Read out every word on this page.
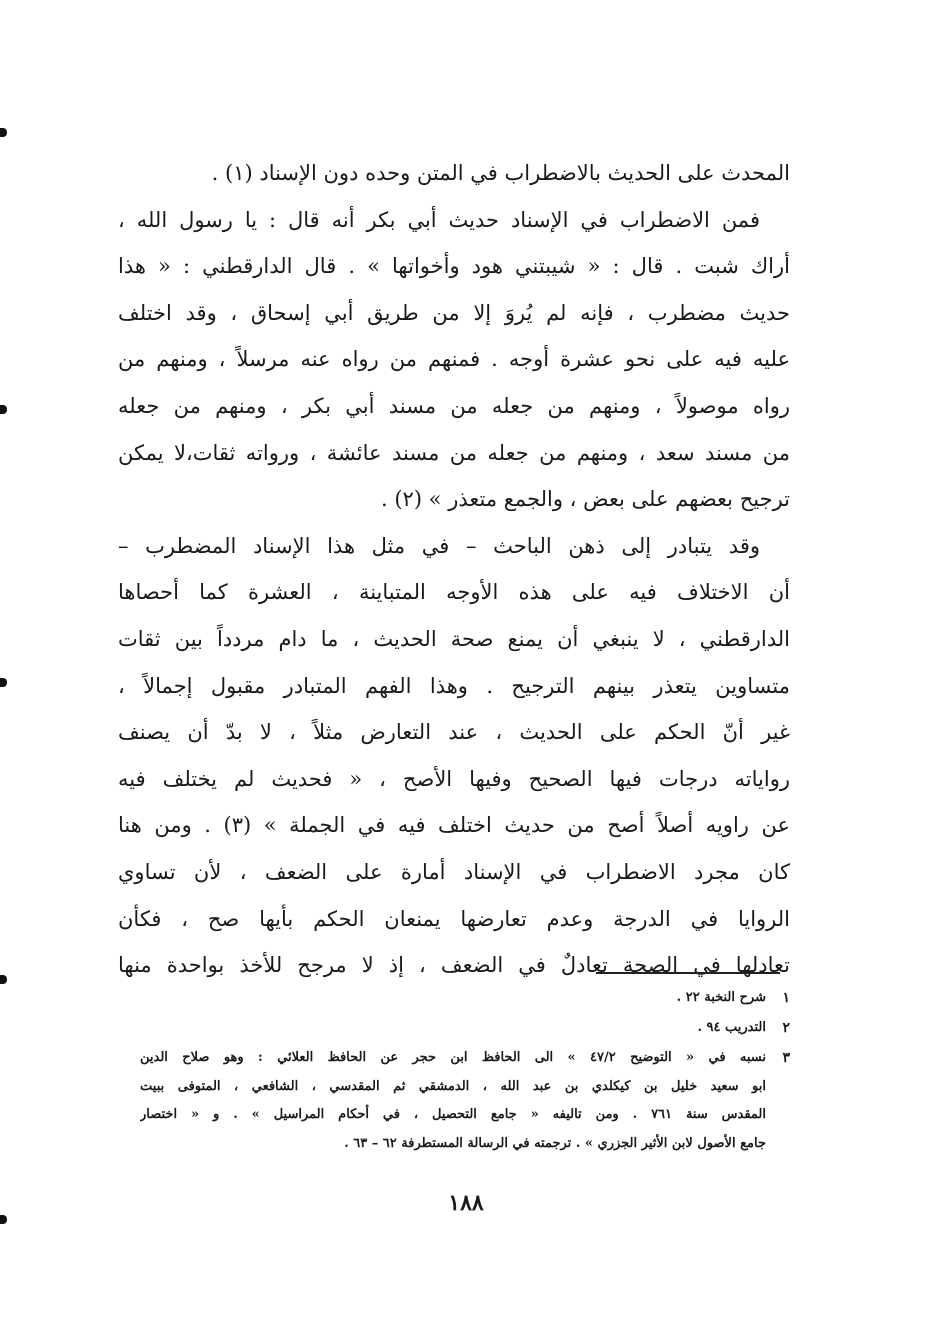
المحدث على الحديث بالاضطراب في المتن وحده دون الإسناد (١) .
فمن الاضطراب في الإسناد حديث أبي بكر أنه قال : يا رسول الله ،
أراك شبت . قال : « شيبتني هود وأخواتها » . قال الدارقطني : « هذا
حديث مضطرب ، فإنه لم يُروَ إلا من طريق أبي إسحاق ، وقد اختلف
عليه فيه على نحو عشرة أوجه . فمنهم من رواه عنه مرسلاً ، ومنهم من
رواه موصولاً ، ومنهم من جعله من مسند أبي بكر ، ومنهم من جعله
من مسند سعد ، ومنهم من جعله من مسند عائشة ، ورواته ثقات،لا يمكن
ترجيح بعضهم على بعض ، والجمع متعذر » (٢) .
وقد يتبادر إلى ذهن الباحث – في مثل هذا الإسناد المضطرب –
أن الاختلاف فيه على هذه الأوجه المتباينة ، العشرة كما أحصاها
الدارقطني ، لا ينبغي أن يمنع صحة الحديث ، ما دام مردداً بين ثقات
متساوين يتعذر بينهم الترجيح . وهذا الفهم المتبادر مقبول إجمالاً ،
غير أنّ الحكم على الحديث ، عند التعارض مثلاً ، لا بدّ أن يصنف
رواياته درجات فيها الصحيح وفيها الأصح ، « فحديث لم يختلف فيه
عن راويه أصلاً أصح من حديث اختلف فيه في الجملة » (٣) . ومن هنا
كان مجرد الاضطراب في الإسناد أمارة على الضعف ، لأن تساوي
الروايا في الدرجة وعدم تعارضها يمنعان الحكم بأيها صح ، فكأن
تعادلها في الصحة تعادلٌ في الضعف ، إذ لا مرجح للأخذ بواحدة منها
١
شرح النخبة ٢٢ .
٢
التدريب ٩٤ .
٣
نسبه في « التوضيح ٤٧/٢ » الى الحافظ ابن حجر عن الحافظ العلائي : وهو صلاح الدين
ابو سعيد خليل بن كيكلدي بن عبد الله ، الدمشقي ثم المقدسي ، الشافعي ، المتوفى ببيت
المقدس سنة ٧٦١ . ومن تاليفه « جامع التحصيل ، في أحكام المراسيل » . و « اختصار
جامع الأصول لابن الأثير الجزري » . ترجمته في الرسالة المستطرفة ٦٢ – ٦٣ .
١٨٨
